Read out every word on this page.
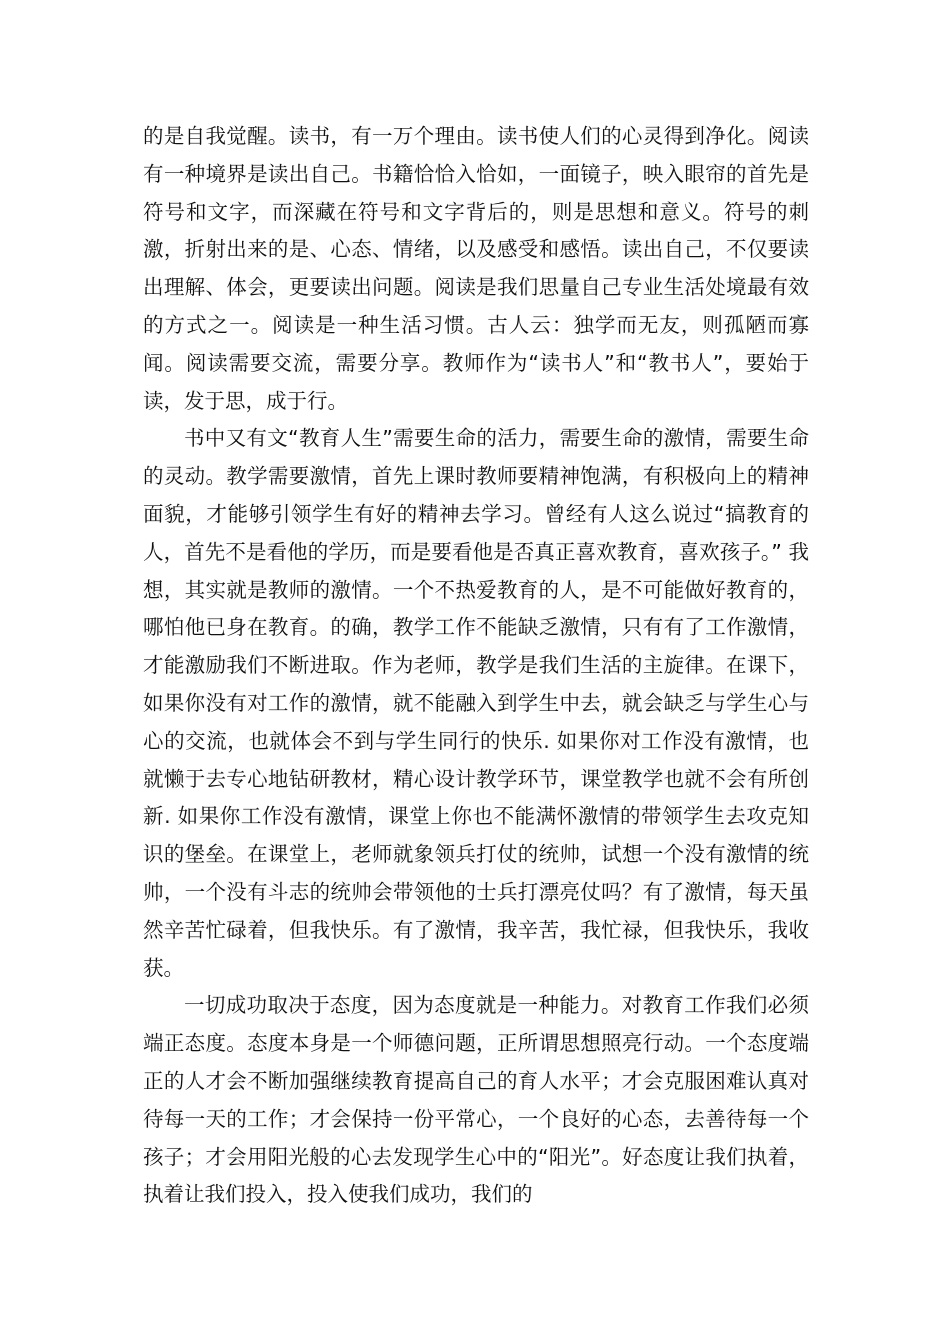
的是自我觉醒。读书，有一万个理由。读书使人们的心灵得到净化。阅读有一种境界是读出自己。书籍恰恰入恰如，一面镜子，映入眼帘的首先是符号和文字，而深藏在符号和文字背后的，则是思想和意义。符号的刺激，折射出来的是、心态、情绪，以及感受和感悟。读出自己，不仅要读出理解、体会，更要读出问题。阅读是我们思量自己专业生活处境最有效的方式之一。阅读是一种生活习惯。古人云：独学而无友，则孤陋而寡闻。阅读需要交流，需要分享。教师作为“读书人”和“教书人”，要始于读，发于思，成于行。

书中又有文“教育人生”需要生命的活力，需要生命的激情，需要生命的灵动。教学需要激情，首先上课时教师要精神饱满，有积极向上的精神面貌，才能够引领学生有好的精神去学习。曾经有人这么说过“搞教育的人，首先不是看他的学历，而是要看他是否真正喜欢教育，喜欢孩子。” 我想，其实就是教师的激情。一个不热爱教育的人，是不可能做好教育的，哪怕他已身在教育。的确，教学工作不能缺乏激情，只有有了工作激情，才能激励我们不断进取。作为老师，教学是我们生活的主旋律。在课下，如果你没有对工作的激情，就不能融入到学生中去，就会缺乏与学生心与心的交流，也就体会不到与学生同行的快乐. 如果你对工作没有激情，也就懒于去专心地钻研教材，精心设计教学环节，课堂教学也就不会有所创新. 如果你工作没有激情，课堂上你也不能满怀激情的带领学生去攻克知识的堡垒。在课堂上，老师就象领兵打仗的统帅，试想一个没有激情的统帅，一个没有斗志的统帅会带领他的士兵打漂亮仗吗？有了激情，每天虽然辛苦忙碌着，但我快乐。有了激情，我辛苦，我忙禄，但我快乐，我收获。

一切成功取决于态度，因为态度就是一种能力。对教育工作我们必须端正态度。态度本身是一个师德问题，正所谓思想照亮行动。一个态度端正的人才会不断加强继续教育提高自己的育人水平；才会克服困难认真对待每一天的工作；才会保持一份平常心，一个良好的心态，去善待每一个孩子；才会用阳光般的心去发现学生心中的“阳光”。好态度让我们执着，执着让我们投入，投入使我们成功，我们的
